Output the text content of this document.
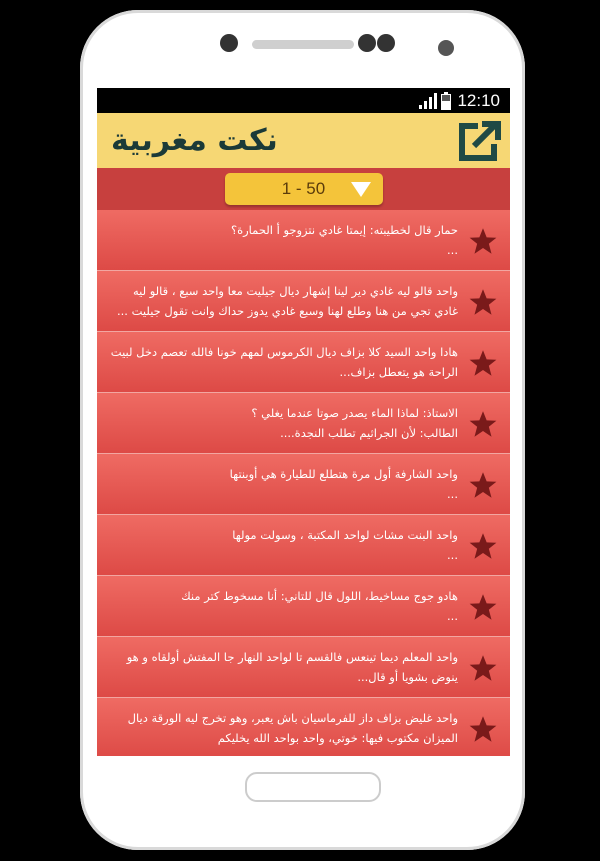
12:10
نكت مغربية
1 - 50
حمار قال لخطيبته: إيمتا غادي نتزوجو أ الحمارة؟
...
واحد قالو ليه غادي دير لينا إشهار ديال جيليت معا واحد سبع ، قالو ليه
غادي تجي من هنا وطلع لهنا وسبع غادي يدوز حداك وانت تقول جيليت ...
هادا واحد السيد كلا بزاف ديال الكرموس لمهم خونا فالله تعصم دخل لبيت
الراحة هو يتعطل بزاف...
الاستاذ: لماذا الماء يصدر صوتا عندما يغلي ؟
الطالب: لأن الجراثيم تطلب النجدة....
واحد الشارفة أول مرة هتطلع للطيارة هي أوبنتها
...
واحد البنت مشات لواحد المكتبة ، وسولت مولها
...
هادو جوج مساخيط، اللول قال للتاني: أنا مسخوط كتر منك
...
واحد المعلم ديما تينعس فالقسم تا لواحد النهار جا المفتش أولقاه و هو
ينوض بشويا أو قال...
واحد غليض بزاف داز للفرماسيان باش يعبر، وهو تخرج ليه الورقة ديال
الميزان مكتوب فيها: خوتي، واحد بواحد الله يخليكم
